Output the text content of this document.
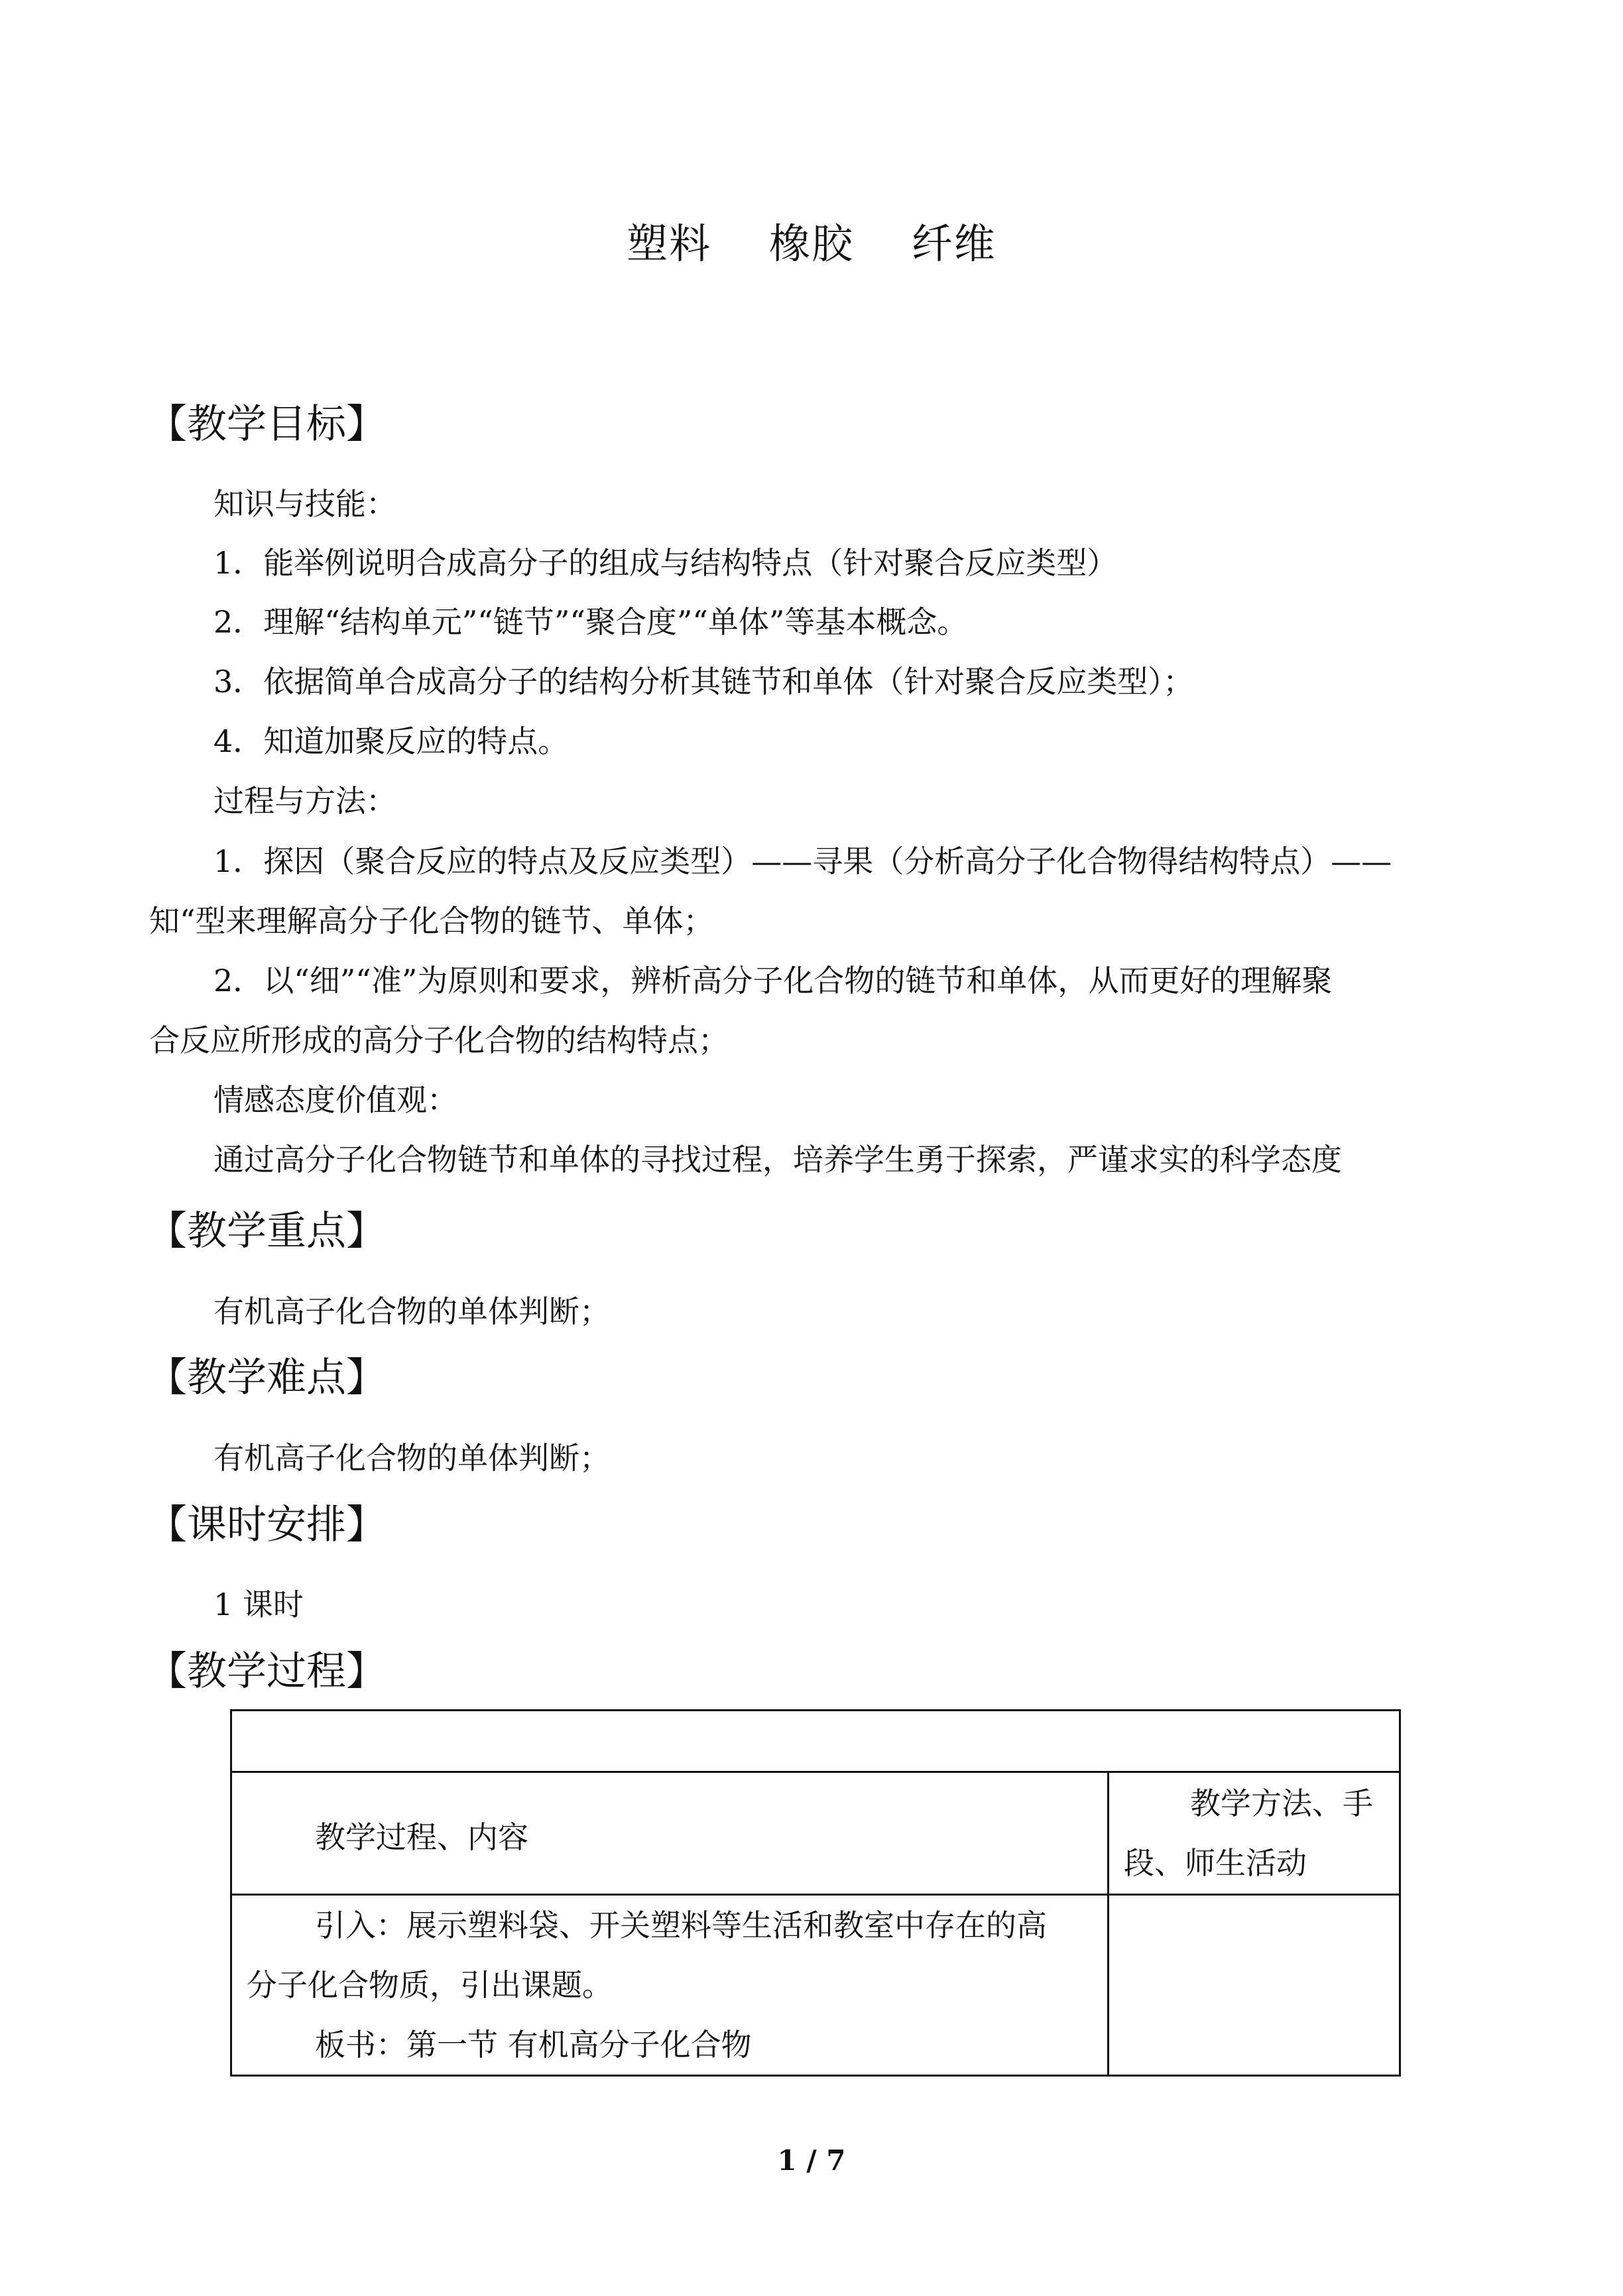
塑料    橡胶    纤维
【教学目标】
知识与技能：
1．能举例说明合成高分子的组成与结构特点（针对聚合反应类型）
2．理解“结构单元”“链节”“聚合度”“单体”等基本概念。
3．依据简单合成高分子的结构分析其链节和单体（针对聚合反应类型）；
4．知道加聚反应的特点。
过程与方法：
1．探因（聚合反应的特点及反应类型）——寻果（分析高分子化合物得结构特点）——
知“型来理解高分子化合物的链节、单体；
2．以“细”“准”为原则和要求，辨析高分子化合物的链节和单体，从而更好的理解聚
合反应所形成的高分子化合物的结构特点；
情感态度价值观：
通过高分子化合物链节和单体的寻找过程，培养学生勇于探索，严谨求实的科学态度
【教学重点】
有机高子化合物的单体判断；
【教学难点】
有机高子化合物的单体判断；
【课时安排】
1 课时
【教学过程】

教学过程、内容	教学方法、手
段、师生活动

引入：展示塑料袋、开关塑料等生活和教室中存在的高
分子化合物质，引出课题。
板书：第一节 有机高分子化合物	

1 / 7
